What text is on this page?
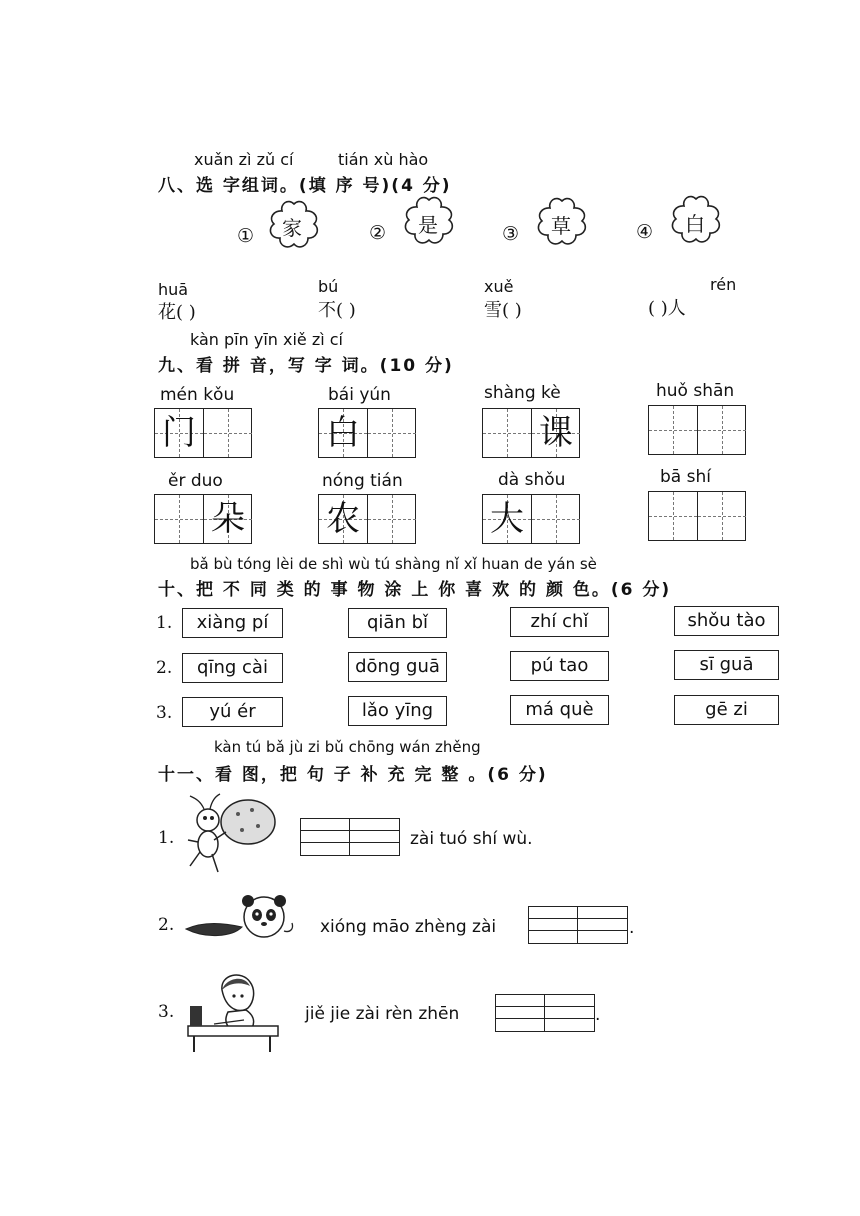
xuǎn zì zǔ cí	tián xù hào
八、选 字组词。(填 序 号)(4 分)
① 家	② 是	③ 草	④ 白
huā
花( )
bú
不( )
xuě
雪( )
rén
( )人
kàn pīn yīn xiě zì cí
九、看 拼 音，写 字 词。(10 分)
mén kǒu
门
bái yún
白
shàng kè
课
huǒ shān
ěr duo
朵
nóng tián
农
dà shǒu
大
bā shí
bǎ bù tóng lèi de shì wù tú shàng nǐ xǐ huan de yán sè
十、把 不 同 类 的 事 物 涂 上 你 喜 欢 的 颜 色。(6 分)
1.	xiàng pí	qiān bǐ	zhí chǐ	shǒu tào
2.	qīng cài	dōng guā	pú tao	sī guā
3.	yú ér	lǎo yīng	má què	gē zi
kàn tú bǎ jù zi bǔ chōng wán zhěng
十一、看 图，把 句 子 补 充 完 整 。(6 分)
1.	zài tuó shí wù.
2.	xióng māo zhèng zài	.
3.	jiě jie zài rèn zhēn	.
